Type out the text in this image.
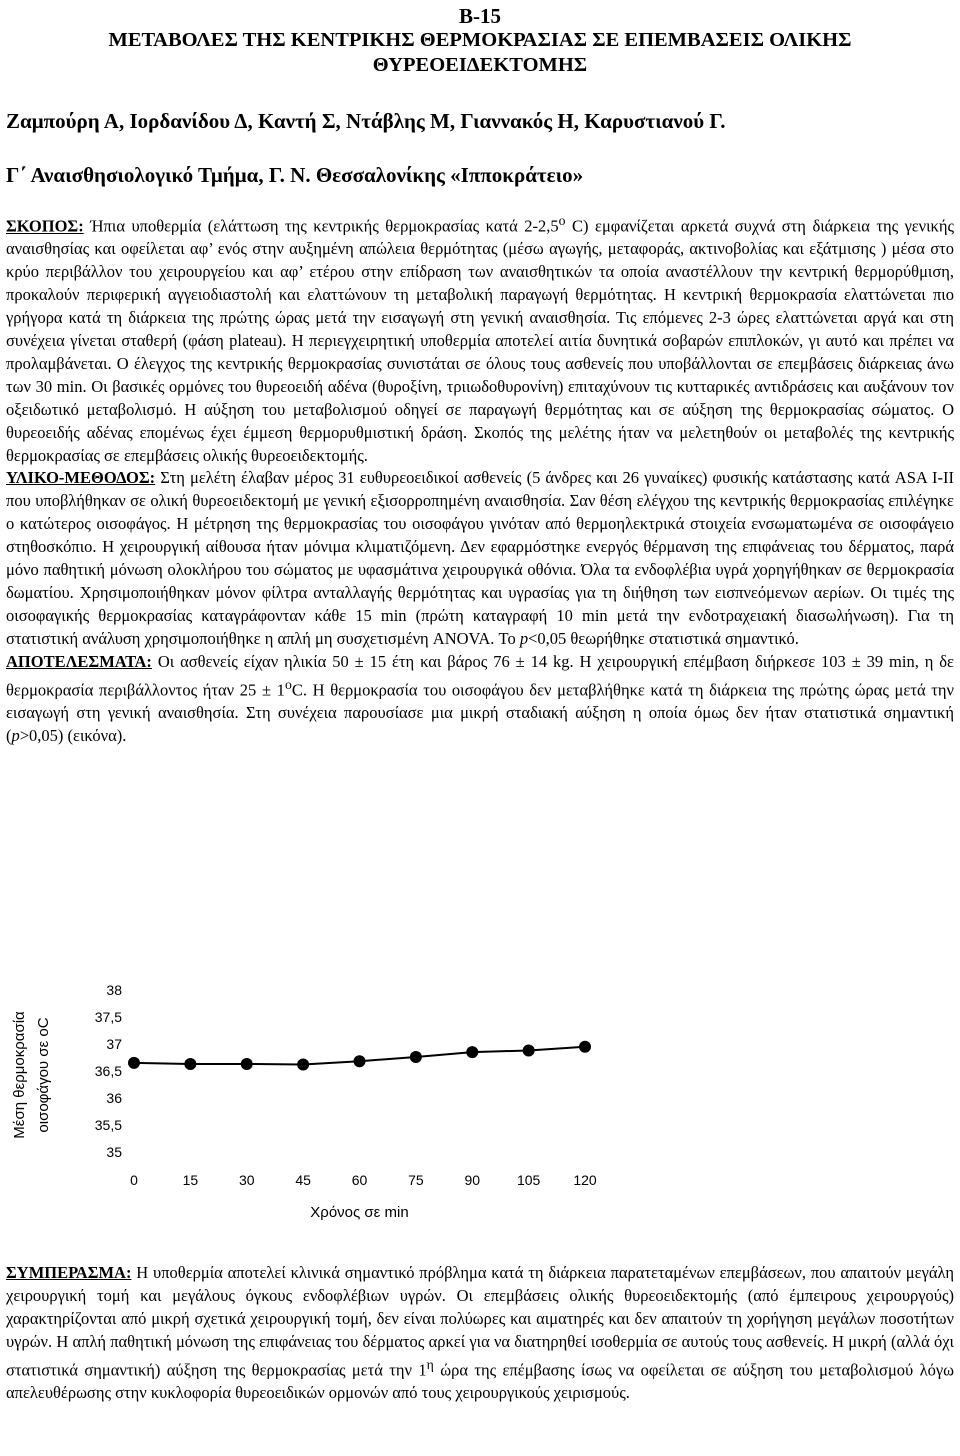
Β-15
ΜΕΤΑΒΟΛΕΣ ΤΗΣ ΚΕΝΤΡΙΚΗΣ ΘΕΡΜΟΚΡΑΣΙΑΣ ΣΕ ΕΠΕΜΒΑΣΕΙΣ ΟΛΙΚΗΣ
ΘΥΡΕΟΕΙΔΕΚΤΟΜΗΣ
Ζαμπούρη Α, Ιορδανίδου Δ, Καντή Σ, Ντάβλης Μ, Γιαννακός Η, Καρυστιανού Γ.
Γ΄ Αναισθησιολογικό Τμήμα, Γ. Ν. Θεσσαλονίκης «Ιπποκράτειο»
ΣΚΟΠΟΣ: Ήπια υποθερμία (ελάττωση της κεντρικής θερμοκρασίας κατά $2-2,5^o$ C) εμφανίζεται αρκετά συχνά στη διάρκεια της γενικής αναισθησίας και οφείλεται αφ’ ενός στην αυξημένη απώλεια θερμότητας (μέσω αγωγής, μεταφοράς, ακτινοβολίας και εξάτμισης ) μέσα στο κρύο περιβάλλον του χειρουργείου και αφ’ ετέρου στην επίδραση των αναισθητικών τα οποία αναστέλλουν την κεντρική θερμορύθμιση, προκαλούν περιφερική αγγειοδιαστολή και ελαττώνουν τη μεταβολική παραγωγή θερμότητας. Η κεντρική θερμοκρασία ελαττώνεται πιο γρήγορα κατά τη διάρκεια της πρώτης ώρας μετά την εισαγωγή στη γενική αναισθησία. Τις επόμενες 2-3 ώρες ελαττώνεται αργά και στη συνέχεια γίνεται σταθερή (φάση plateau). Η περιεγχειρητική υποθερμία αποτελεί αιτία δυνητικά σοβαρών επιπλοκών, γι αυτό και πρέπει να προλαμβάνεται. Ο έλεγχος της κεντρικής θερμοκρασίας συνιστάται σε όλους τους ασθενείς που υποβάλλονται σε επεμβάσεις διάρκειας άνω των 30 min. Οι βασικές ορμόνες του θυρεοειδή αδένα (θυροξίνη, τριιωδοθυρονίνη) επιταχύνουν τις κυτταρικές αντιδράσεις και αυξάνουν τον οξειδωτικό μεταβολισμό. Η αύξηση του μεταβολισμού οδηγεί σε παραγωγή θερμότητας και σε αύξηση της θερμοκρασίας σώματος. Ο θυρεοειδής αδένας επομένως έχει έμμεση θερμορυθμιστική δράση. Σκοπός της μελέτης ήταν να μελετηθούν οι μεταβολές της κεντρικής θερμοκρασίας σε επεμβάσεις ολικής θυρεοειδεκτομής.
ΥΛΙΚΟ-ΜΕΘΟΔΟΣ: Στη μελέτη έλαβαν μέρος 31 ευθυρεοειδικοί ασθενείς (5 άνδρες και 26 γυναίκες) φυσικής κατάστασης κατά ASA I-II που υποβλήθηκαν σε ολική θυρεοειδεκτομή με γενική εξισορροπημένη αναισθησία. Σαν θέση ελέγχου της κεντρικής θερμοκρασίας επιλέγηκε ο κατώτερος οισοφάγος. Η μέτρηση της θερμοκρασίας του οισοφάγου γινόταν από θερμοηλεκτρικά στοιχεία ενσωματωμένα σε οισοφάγειο στηθοσκόπιο. Η χειρουργική αίθουσα ήταν μόνιμα κλιματιζόμενη. Δεν εφαρμόστηκε ενεργός θέρμανση της επιφάνειας του δέρματος, παρά μόνο παθητική μόνωση ολοκλήρου του σώματος με υφασμάτινα χειρουργικά οθόνια. Όλα τα ενδοφλέβια υγρά χορηγήθηκαν σε θερμοκρασία δωματίου. Χρησιμοποιήθηκαν μόνον φίλτρα ανταλλαγής θερμότητας και υγρασίας για τη διήθηση των εισπνεόμενων αερίων. Οι τιμές της οισοφαγικής θερμοκρασίας καταγράφονταν κάθε 15 min (πρώτη καταγραφή 10 min μετά την ενδοτραχειακή διασωλήνωση). Για τη στατιστική ανάλυση χρησιμοποιήθηκε η απλή μη συσχετισμένη ANOVA. Το p<0,05 θεωρήθηκε στατιστικά σημαντικό.
ΑΠΟΤΕΛΕΣΜΑΤΑ: Οι ασθενείς είχαν ηλικία 50 ± 15 έτη και βάρος 76 ± 14 kg. Η χειρουργική επέμβαση διήρκεσε 103 ± 39 min, η δε θερμοκρασία περιβάλλοντος ήταν $25 \pm 1^oC$. Η θερμοκρασία του οισοφάγου δεν μεταβλήθηκε κατά τη διάρκεια της πρώτης ώρας μετά την εισαγωγή στη γενική αναισθησία. Στη συνέχεια παρουσίασε μια μικρή σταδιακή αύξηση η οποία όμως δεν ήταν στατιστικά σημαντική (p>0,05) (εικόνα).
ΣΥΜΠΕΡΑΣΜΑ: Η υποθερμία αποτελεί κλινικά σημαντικό πρόβλημα κατά τη διάρκεια παρατεταμένων επεμβάσεων, που απαιτούν μεγάλη χειρουργική τομή και μεγάλους όγκους ενδοφλέβιων υγρών. Οι επεμβάσεις ολικής θυρεοειδεκτομής (από έμπειρους χειρουργούς) χαρακτηρίζονται από μικρή σχετικά χειρουργική τομή, δεν είναι πολύωρες και αιματηρές και δεν απαιτούν τη χορήγηση μεγάλων ποσοτήτων υγρών. Η απλή παθητική μόνωση της επιφάνειας του δέρματος αρκεί για να διατηρηθεί ισοθερμία σε αυτούς τους ασθενείς. Η μικρή (αλλά όχι στατιστικά σημαντική) αύξηση της θερμοκρασίας μετά την $1^\eta$ ώρα της επέμβασης ίσως να οφείλεται σε αύξηση του μεταβολισμού λόγω απελευθέρωσης στην κυκλοφορία θυρεοειδικών ορμονών από τους χειρουργικούς χειρισμούς.
35
35,5
36
36,5
37
37,5
38
0	15	30	45	60	75	90	105 120
Χρόνος σε min
Μέση θερμοκρασία οισοφάγου σε oC
